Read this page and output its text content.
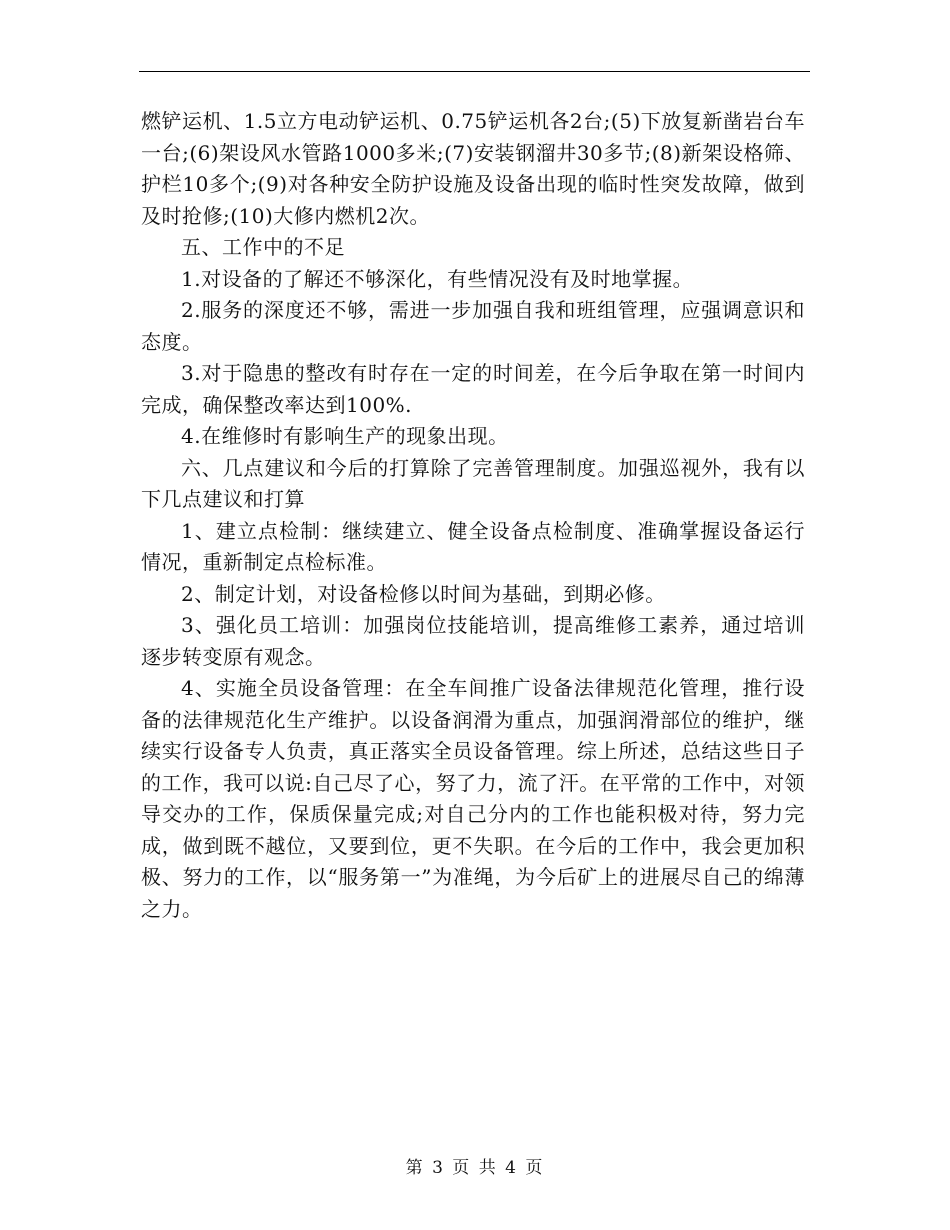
燃铲运机、1.5立方电动铲运机、0.75铲运机各2台;(5)下放复新凿岩台车一台;(6)架设风水管路1000多米;(7)安装钢溜井30多节;(8)新架设格筛、护栏10多个;(9)对各种安全防护设施及设备出现的临时性突发故障，做到及时抢修;(10)大修内燃机2次。

五、工作中的不足

1.对设备的了解还不够深化，有些情况没有及时地掌握。

2.服务的深度还不够，需进一步加强自我和班组管理，应强调意识和态度。

3.对于隐患的整改有时存在一定的时间差，在今后争取在第一时间内完成，确保整改率达到100%.

4.在维修时有影响生产的现象出现。

六、几点建议和今后的打算除了完善管理制度。加强巡视外，我有以下几点建议和打算

1、建立点检制：继续建立、健全设备点检制度、准确掌握设备运行情况，重新制定点检标准。

2、制定计划，对设备检修以时间为基础，到期必修。

3、强化员工培训：加强岗位技能培训，提高维修工素养，通过培训逐步转变原有观念。

4、实施全员设备管理：在全车间推广设备法律规范化管理，推行设备的法律规范化生产维护。以设备润滑为重点，加强润滑部位的维护，继续实行设备专人负责，真正落实全员设备管理。综上所述，总结这些日子的工作，我可以说:自己尽了心，努了力，流了汗。在平常的工作中，对领导交办的工作，保质保量完成;对自己分内的工作也能积极对待，努力完成，做到既不越位，又要到位，更不失职。在今后的工作中，我会更加积极、努力的工作，以“服务第一”为准绳，为今后矿上的进展尽自己的绵薄之力。

第 3 页 共 4 页
